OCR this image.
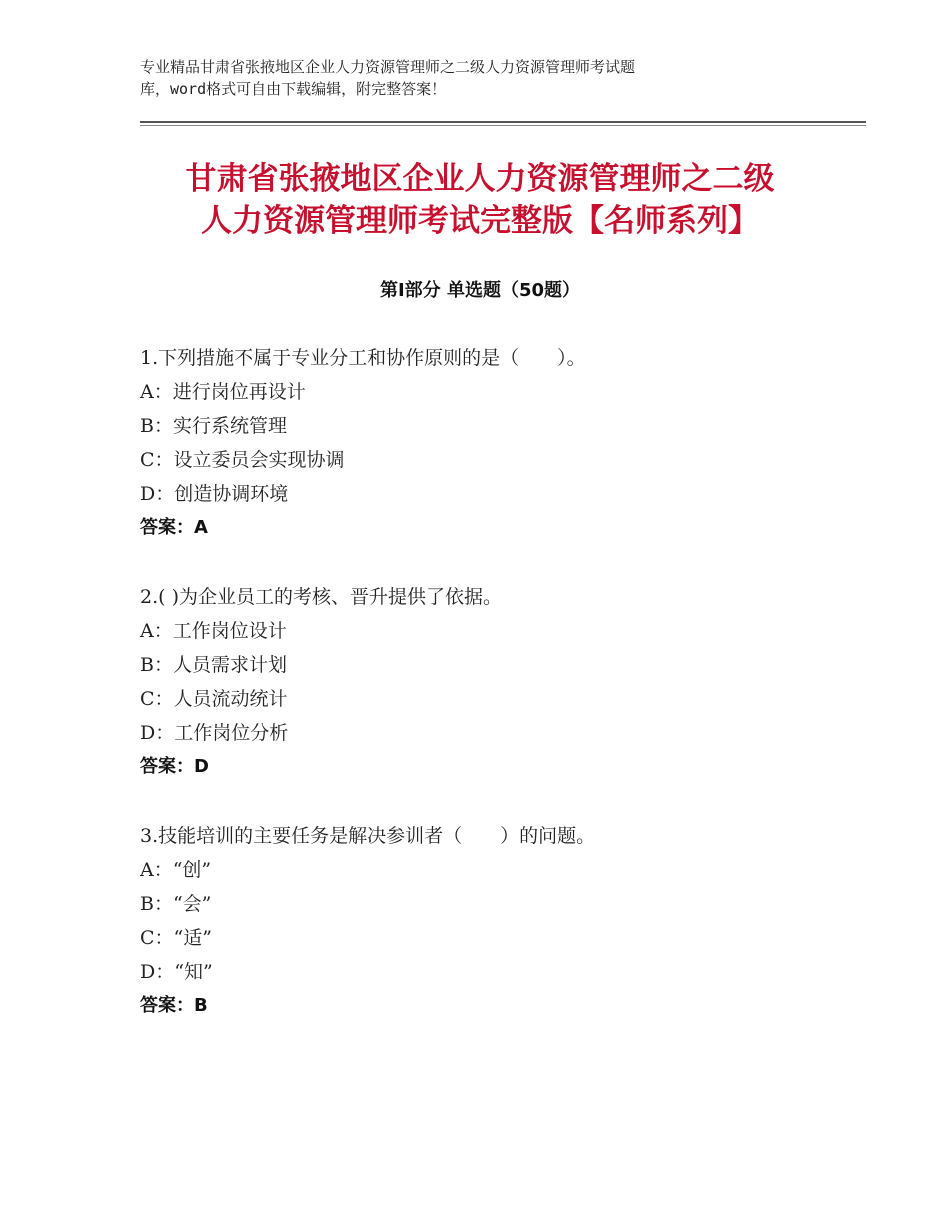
专业精品甘肃省张掖地区企业人力资源管理师之二级人力资源管理师考试题
库，word格式可自由下载编辑，附完整答案！
甘肃省张掖地区企业人力资源管理师之二级
人力资源管理师考试完整版【名师系列】
第Ⅰ部分 单选题（50题）
1.下列措施不属于专业分工和协作原则的是（　　）。
A：进行岗位再设计
B：实行系统管理
C：设立委员会实现协调
D：创造协调环境
答案：A
2.( )为企业员工的考核、晋升提供了依据。
A：工作岗位设计
B：人员需求计划
C：人员流动统计
D：工作岗位分析
答案：D
3.技能培训的主要任务是解决参训者（　　）的问题。
A：“创”
B：“会”
C：“适”
D：“知”
答案：B
